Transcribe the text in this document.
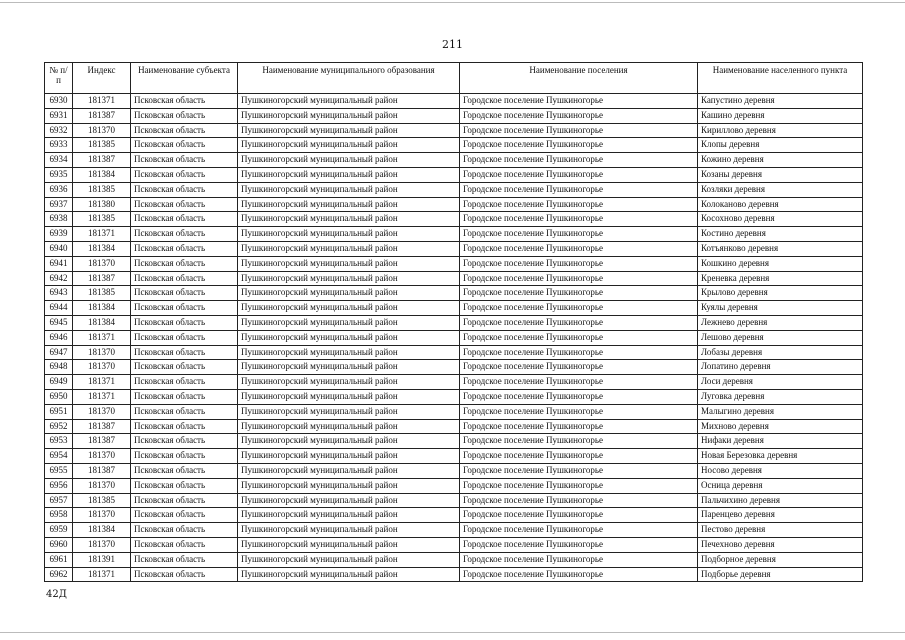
211
№ п/п	Индекс	Наименование субъекта	Наименование муниципального образования	Наименование поселения	Наименование населенного пункта
6930	181371	Псковская область	Пушкиногорский муниципальный район	Городское поселение Пушкиногорье	Капустино деревня
6931	181387	Псковская область	Пушкиногорский муниципальный район	Городское поселение Пушкиногорье	Кашино деревня
6932	181370	Псковская область	Пушкиногорский муниципальный район	Городское поселение Пушкиногорье	Кириллово деревня
6933	181385	Псковская область	Пушкиногорский муниципальный район	Городское поселение Пушкиногорье	Клопы деревня
6934	181387	Псковская область	Пушкиногорский муниципальный район	Городское поселение Пушкиногорье	Кожино деревня
6935	181384	Псковская область	Пушкиногорский муниципальный район	Городское поселение Пушкиногорье	Козаны деревня
6936	181385	Псковская область	Пушкиногорский муниципальный район	Городское поселение Пушкиногорье	Козляки деревня
6937	181380	Псковская область	Пушкиногорский муниципальный район	Городское поселение Пушкиногорье	Колоканово деревня
6938	181385	Псковская область	Пушкиногорский муниципальный район	Городское поселение Пушкиногорье	Косохново деревня
6939	181371	Псковская область	Пушкиногорский муниципальный район	Городское поселение Пушкиногорье	Костино деревня
6940	181384	Псковская область	Пушкиногорский муниципальный район	Городское поселение Пушкиногорье	Котъянково деревня
6941	181370	Псковская область	Пушкиногорский муниципальный район	Городское поселение Пушкиногорье	Кошкино деревня
6942	181387	Псковская область	Пушкиногорский муниципальный район	Городское поселение Пушкиногорье	Креневка деревня
6943	181385	Псковская область	Пушкиногорский муниципальный район	Городское поселение Пушкиногорье	Крылово деревня
6944	181384	Псковская область	Пушкиногорский муниципальный район	Городское поселение Пушкиногорье	Куялы деревня
6945	181384	Псковская область	Пушкиногорский муниципальный район	Городское поселение Пушкиногорье	Лежнево деревня
6946	181371	Псковская область	Пушкиногорский муниципальный район	Городское поселение Пушкиногорье	Лешово деревня
6947	181370	Псковская область	Пушкиногорский муниципальный район	Городское поселение Пушкиногорье	Лобазы деревня
6948	181370	Псковская область	Пушкиногорский муниципальный район	Городское поселение Пушкиногорье	Лопатино деревня
6949	181371	Псковская область	Пушкиногорский муниципальный район	Городское поселение Пушкиногорье	Лоси деревня
6950	181371	Псковская область	Пушкиногорский муниципальный район	Городское поселение Пушкиногорье	Луговка деревня
6951	181370	Псковская область	Пушкиногорский муниципальный район	Городское поселение Пушкиногорье	Малыгино деревня
6952	181387	Псковская область	Пушкиногорский муниципальный район	Городское поселение Пушкиногорье	Михново деревня
6953	181387	Псковская область	Пушкиногорский муниципальный район	Городское поселение Пушкиногорье	Нифаки деревня
6954	181370	Псковская область	Пушкиногорский муниципальный район	Городское поселение Пушкиногорье	Новая Березовка деревня
6955	181387	Псковская область	Пушкиногорский муниципальный район	Городское поселение Пушкиногорье	Носово деревня
6956	181370	Псковская область	Пушкиногорский муниципальный район	Городское поселение Пушкиногорье	Осница деревня
6957	181385	Псковская область	Пушкиногорский муниципальный район	Городское поселение Пушкиногорье	Пальчихино деревня
6958	181370	Псковская область	Пушкиногорский муниципальный район	Городское поселение Пушкиногорье	Паренцево деревня
6959	181384	Псковская область	Пушкиногорский муниципальный район	Городское поселение Пушкиногорье	Пестово деревня
6960	181370	Псковская область	Пушкиногорский муниципальный район	Городское поселение Пушкиногорье	Печехново деревня
6961	181391	Псковская область	Пушкиногорский муниципальный район	Городское поселение Пушкиногорье	Подборное деревня
6962	181371	Псковская область	Пушкиногорский муниципальный район	Городское поселение Пушкиногорье	Подборье деревня
42Д
